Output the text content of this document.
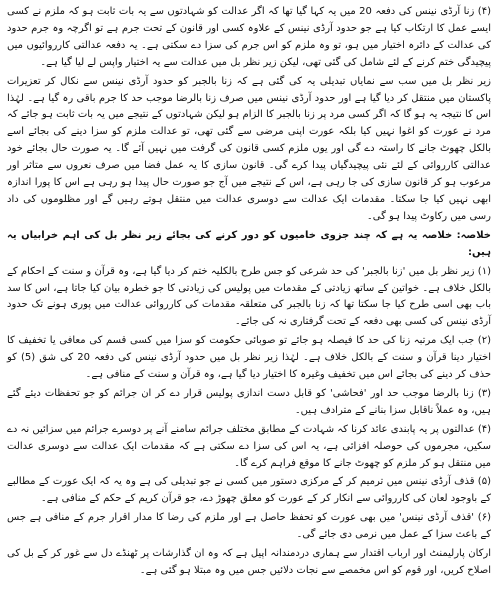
(۴) زنا آرڈی نینس کی دفعہ 20 میں یہ کہا گیا تھا کہ اگر عدالت کو شہادتوں سے یہ بات ثابت ہو کہ ملزم نے کسی ایسے عمل کا ارتکاب کیا ہے جو حدود آرڈی نینس کے علاوہ کسی اور قانون کے تحت جرم ہے تو اگرچہ وہ جرم حدود کی عدالت کے دائرہ اختیار میں ہو، تو وہ ملزم کو اس جرم کی سزا دے سکتی ہے۔ یہ دفعہ عدالتی کارروائیوں میں پیچیدگی ختم کرنے کے لئے شامل کی گئی تھی، لیکن زیر نظر بل میں عدالت سے یہ اختیار واپس لے لیا گیا ہے۔

زیر نظر بل میں سب سے نمایاں تبدیلی یہ کی گئی ہے کہ زنا بالجبر کو حدود آرڈی نینس سے نکال کر تعزیرات پاکستان میں منتقل کر دیا گیا ہے اور حدود آرڈی نینس میں صرف زنا بالرضا موجب حد کا جرم باقی رہ گیا ہے۔ لہٰذا اس کا نتیجہ یہ ہو گا کہ اگر کسی مرد پر زنا بالجبر کا الزام ہو لیکن شہادتوں کے نتیجے میں یہ بات ثابت ہو جائے کہ مرد نے عورت کو اغوا نہیں کیا بلکہ عورت اپنی مرضی سے گئی تھی، تو عدالت ملزم کو سزا دینے کی بجائے اسے بالکل چھوٹ جانے کا راستہ دے گی اور یوں ملزم کسی قانون کی گرفت میں نہیں آئے گا۔ یہ صورت حال بجائے خود عدالتی کارروائی کے لئے نئی پیچیدگیاں پیدا کرے گی۔ قانون سازی کا یہ عمل فضا میں صرف نعروں سے متاثر اور مرعوب ہو کر قانون سازی کی جا رہی ہے، اس کے نتیجے میں آج جو صورت حال پیدا ہو رہی ہے اس کا پورا اندازہ ابھی نہیں کیا جا سکتا۔ مقدمات ایک عدالت سے دوسری عدالت میں منتقل ہوتے رہیں گے اور مظلوموں کی داد رسی میں رکاوٹ پیدا ہو گی۔

خلاصہ: خلاصہ یہ ہے کہ چند جزوی خامیوں کو دور کرنے کی بجائے زیر نظر بل کی اہم خرابیاں یہ ہیں:

(۱) زیر نظر بل میں 'زنا بالجبر' کی حد شرعی کو جس طرح بالکلیہ ختم کر دیا گیا ہے، وہ قرآن و سنت کے احکام کے بالکل خلاف ہے۔ خواتین کے ساتھ زیادتی کے مقدمات میں پولیس کی زیادتی کا جو خطرہ بیان کیا جاتا ہے، اس کا سد باب بھی اسی طرح کیا جا سکتا تھا کہ زنا بالجبر کی متعلقہ مقدمات کی کارروائی عدالت میں پوری ہونے تک حدود آرڈی نینس کی کسی بھی دفعہ کے تحت گرفتاری نہ کی جائے۔

(۲) جب ایک مرتبہ زنا کی حد کا فیصلہ ہو جائے تو صوبائی حکومت کو سزا میں کسی قسم کی معافی یا تخفیف کا اختیار دینا قرآن و سنت کے بالکل خلاف ہے۔ لہٰذا زیر نظر بل میں حدود آرڈی نینس کی دفعہ 20 کی شق (5) کو حذف کر دینے کی بجائے اس میں تخفیف وغیرہ کا اختیار دیا گیا ہے، وہ قرآن و سنت کے منافی ہے۔

(۳) زنا بالرضا موجب حد اور 'فحاشی' کو قابل دست اندازی پولیس قرار دے کر ان جرائم کو جو تحفظات دیئے گئے ہیں، وہ عملاً ناقابل سزا بنانے کے مترادف ہیں۔

(۴) عدالتوں پر یہ پابندی عائد کرنا کہ شہادت کے مطابق مختلف جرائم سامنے آنے پر دوسرے جرائم میں سزائیں نہ دے سکیں، مجرموں کی حوصلہ افزائی ہے، یہ اس کی سزا دے سکتی ہے کہ مقدمات ایک عدالت سے دوسری عدالت میں منتقل ہو کر ملزم کو چھوٹ جانے کا موقع فراہم کرے گا۔

(۵) قذف آرڈی نینس میں ترمیم کر کے مرکزی دستور میں کسی نے جو تبدیلی کی ہے وہ یہ کہ ایک عورت کے مطالبے کے باوجود لعان کی کارروائی سے انکار کر کے عورت کو معلق چھوڑ دے، جو قرآن کریم کے حکم کے منافی ہے۔

(۶) 'قذف آرڈی نینس' میں بھی عورت کو تحفظ حاصل ہے اور ملزم کی رضا کا مدار اقرار جرم کے منافی ہے جس کے باعث سزا کے عمل میں نرمی دی جائے گی۔

ارکان پارلیمنٹ اور ارباب اقتدار سے ہماری دردمندانہ اپیل ہے کہ وہ ان گذارشات پر ٹھنڈے دل سے غور کر کے بل کی اصلاح کریں، اور قوم کو اس مخمصے سے نجات دلائیں جس میں وہ مبتلا ہو گئی ہے۔
